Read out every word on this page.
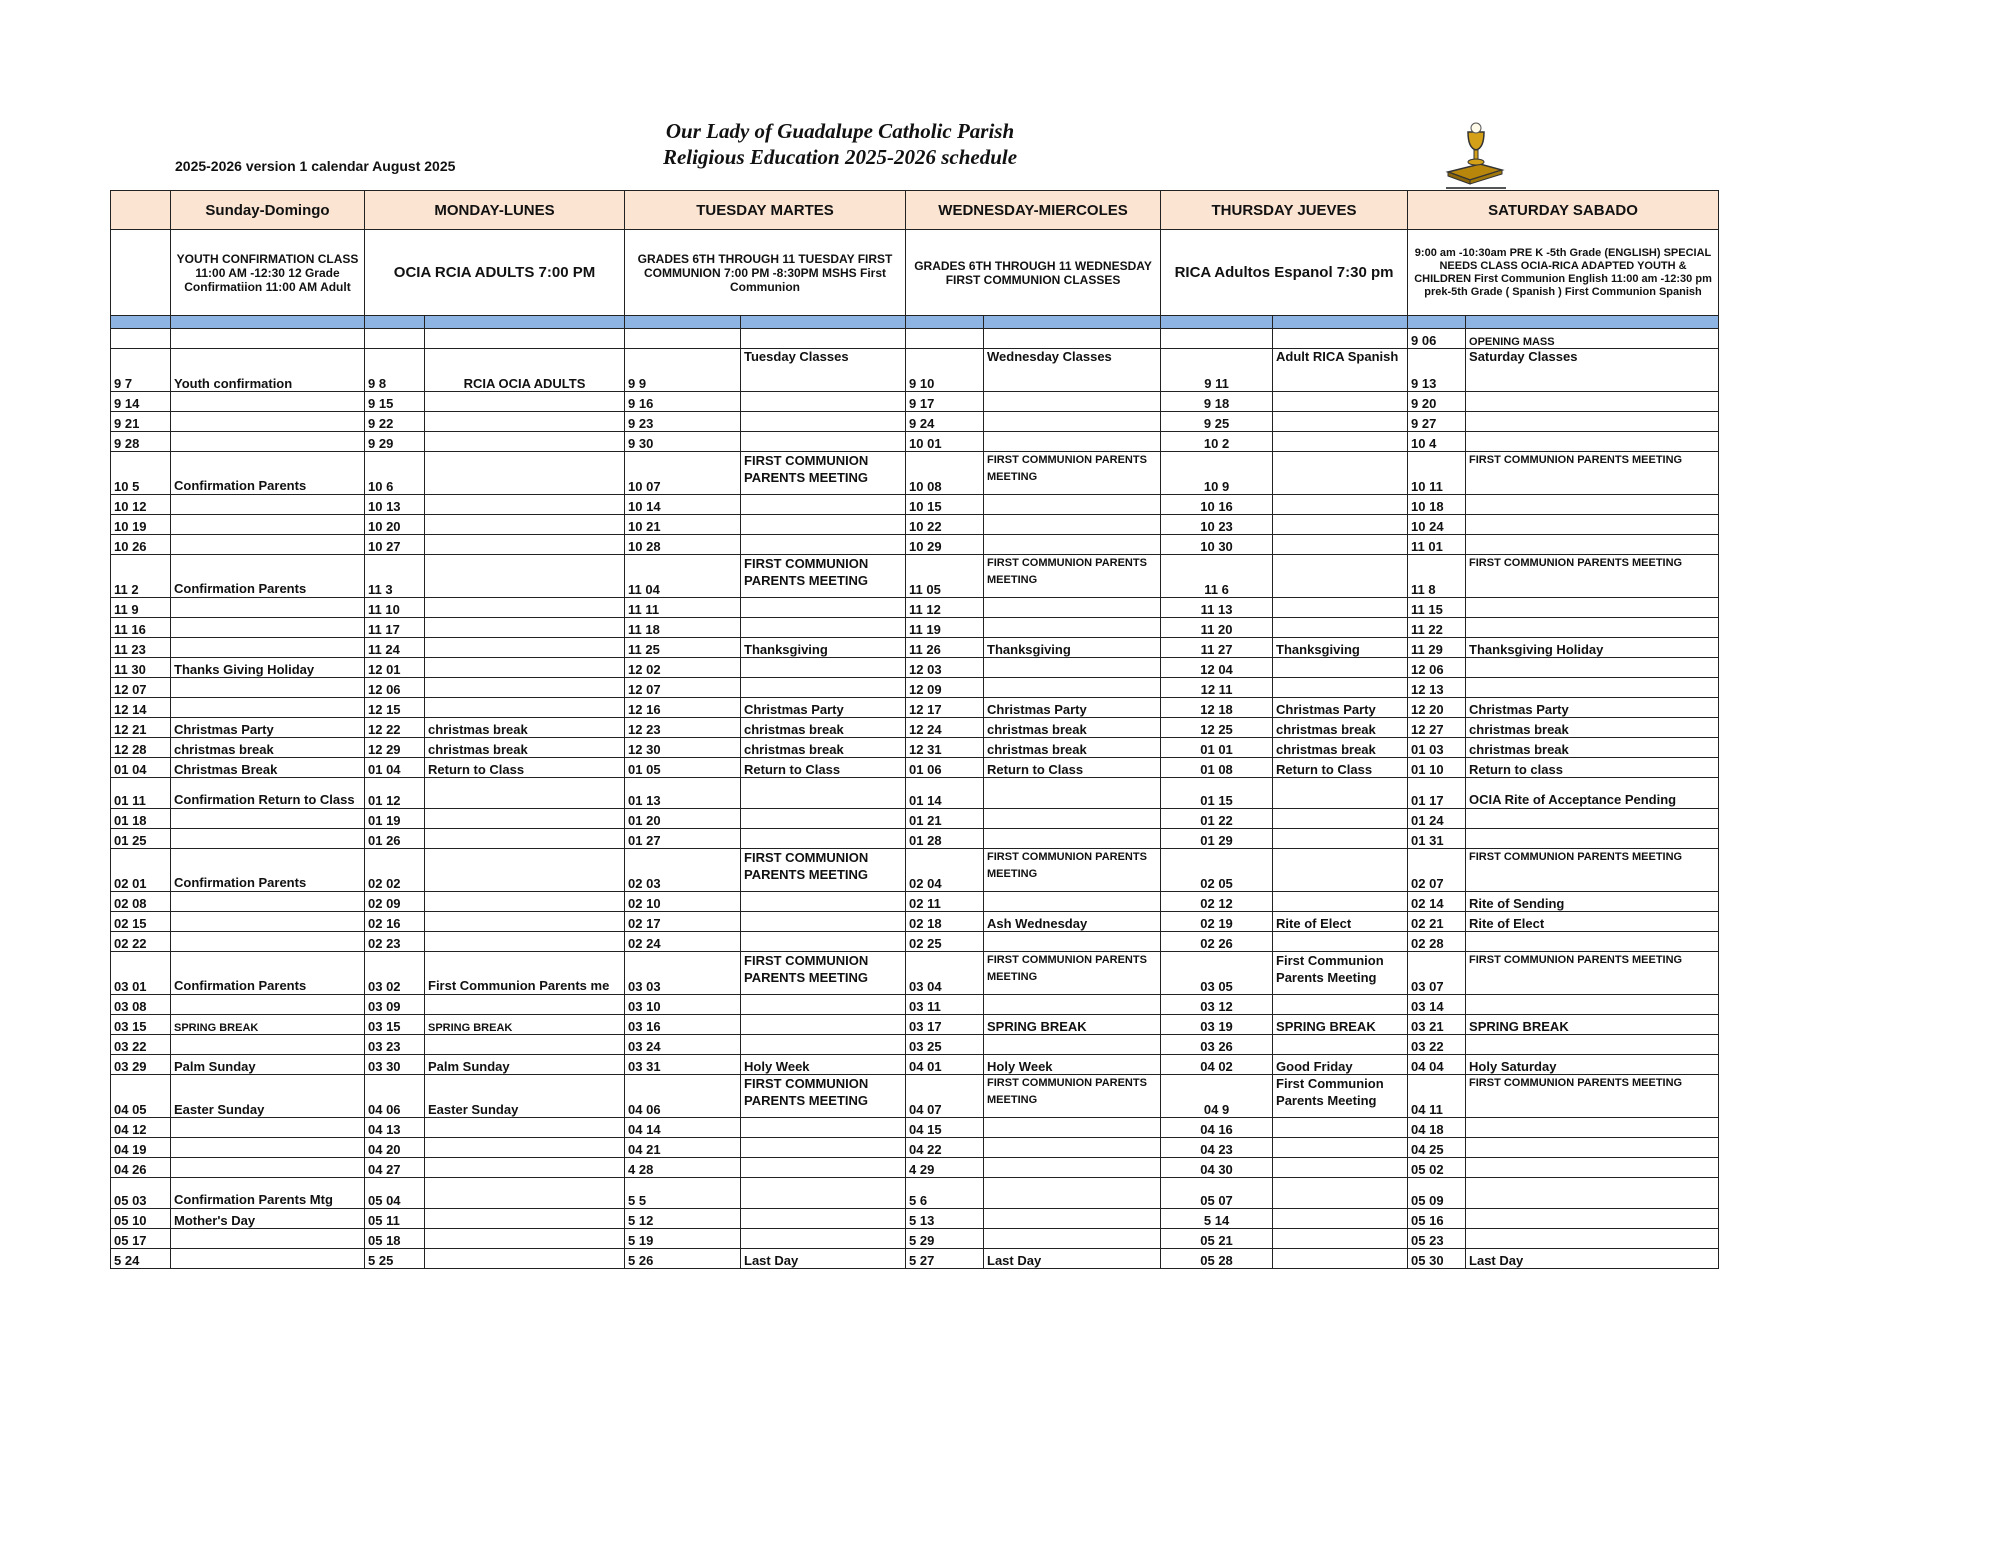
2025-2026 version 1 calendar August 2025
Our Lady of Guadalupe Catholic Parish
Religious Education 2025-2026 schedule
	Sunday-Domingo	MONDAY-LUNES		TUESDAY MARTES		WEDNESDAY-MIERCOLES		THURSDAY JUEVES		SATURDAY SABADO	
	YOUTH CONFIRMATION CLASS 11:00 AM -12:30 12 Grade Confirmatiion 11:00 AM Adult	OCIA RCIA ADULTS 7:00 PM		GRADES 6TH THROUGH 11 TUESDAY FIRST COMMUNION 7:00 PM -8:30PM MSHS First Communion		GRADES 6TH THROUGH 11 WEDNESDAY FIRST COMMUNION CLASSES		RICA Adultos Espanol 7:30 pm		9:00 am -10:30am PRE K -5th Grade (ENGLISH) SPECIAL NEEDS CLASS OCIA-RICA ADAPTED YOUTH & CHILDREN First Communion English 11:00 am -12:30 pm prek-5th Grade ( Spanish ) First Communion Spanish	

										9 06	OPENING MASS
9 7	Youth confirmation	9 8	RCIA OCIA ADULTS	9 9	Tuesday Classes	9 10	Wednesday Classes	9 11	Adult RICA Spanish	9 13	Saturday Classes
9 14		9 15		9 16		9 17		9 18		9 20	
9 21		9 22		9 23		9 24		9 25		9 27	
9 28		9 29		9 30		10 01		10 2		10 4	
10 5	Confirmation Parents	10 6		10 07	FIRST COMMUNION PARENTS MEETING	10 08	FIRST COMMUNION PARENTS MEETING	10 9		10 11	FIRST COMMUNION PARENTS MEETING
10 12		10 13		10 14		10 15		10 16		10 18	
10 19		10 20		10 21		10 22		10 23		10 24	
10 26		10 27		10 28		10 29		10 30		11 01	
11 2	Confirmation Parents	11 3		11 04	FIRST COMMUNION PARENTS MEETING	11 05	FIRST COMMUNION PARENTS MEETING	11 6		11 8	FIRST COMMUNION PARENTS MEETING
11 9		11 10		11 11		11 12		11 13		11 15	
11 16		11 17		11 18		11 19		11 20		11 22	
11 23		11 24		11 25	Thanksgiving	11 26	Thanksgiving	11 27	Thanksgiving	11 29	Thanksgiving Holiday
11 30	Thanks Giving Holiday	12 01		12 02		12 03		12 04		12 06	
12 07		12 06		12 07		12 09		12 11		12 13	
12 14		12 15		12 16	Christmas Party	12 17	Christmas Party	12 18	Christmas Party	12 20	Christmas Party
12 21	Christmas Party	12 22	christmas break	12 23	christmas break	12 24	christmas break	12 25	christmas break	12 27	christmas break
12 28	christmas break	12 29	christmas break	12 30	christmas break	12 31	christmas break	01 01	christmas break	01 03	christmas break
01 04	Christmas Break	01 04	Return to Class	01 05	Return to Class	01 06	Return to Class	01 08	Return to Class	01 10	Return to class
01 11	Confirmation Return to Class	01 12		01 13		01 14		01 15		01 17	OCIA Rite of Acceptance Pending
01 18		01 19		01 20		01 21		01 22		01 24	
01 25		01 26		01 27		01 28		01 29		01 31	
02 01	Confirmation Parents	02 02		02 03	FIRST COMMUNION PARENTS MEETING	02 04	FIRST COMMUNION PARENTS MEETING	02 05		02 07	FIRST COMMUNION PARENTS MEETING
02 08		02 09		02 10		02 11		02 12		02 14	Rite of Sending
02 15		02 16		02 17		02 18	Ash Wednesday	02 19	Rite of Elect	02 21	Rite of Elect
02 22		02 23		02 24		02 25		02 26		02 28	
03 01	Confirmation Parents	03 02	First Communion Parents me	03 03	FIRST COMMUNION PARENTS MEETING	03 04	FIRST COMMUNION PARENTS MEETING	03 05	First Communion Parents Meeting	03 07	FIRST COMMUNION PARENTS MEETING
03 08		03 09		03 10		03 11		03 12		03 14	
03 15	SPRING BREAK	03 15	SPRING BREAK	03 16		03 17	SPRING BREAK	03 19	SPRING BREAK	03 21	SPRING BREAK
03 22		03 23		03 24		03 25		03 26		03 22	
03 29	Palm Sunday	03 30	Palm Sunday	03 31	Holy Week	04 01	Holy Week	04 02	Good Friday	04 04	Holy Saturday
04 05	Easter Sunday	04 06	Easter Sunday	04 06	FIRST COMMUNION PARENTS MEETING	04 07	FIRST COMMUNION PARENTS MEETING	04 9	First Communion Parents Meeting	04 11	FIRST COMMUNION PARENTS MEETING
04 12		04 13		04 14		04 15		04 16		04 18	
04 19		04 20		04 21		04 22		04 23		04 25	
04 26		04 27		4 28		4 29		04 30		05 02	
05 03	Confirmation Parents Mtg	05 04		5 5		5 6		05 07		05 09	
05 10	Mother's Day	05 11		5 12		5 13		5 14		05 16	
05 17		05 18		5 19		5 29		05 21		05 23	
5 24		5 25		5 26	Last Day	5 27	Last Day	05 28		05 30	Last Day
